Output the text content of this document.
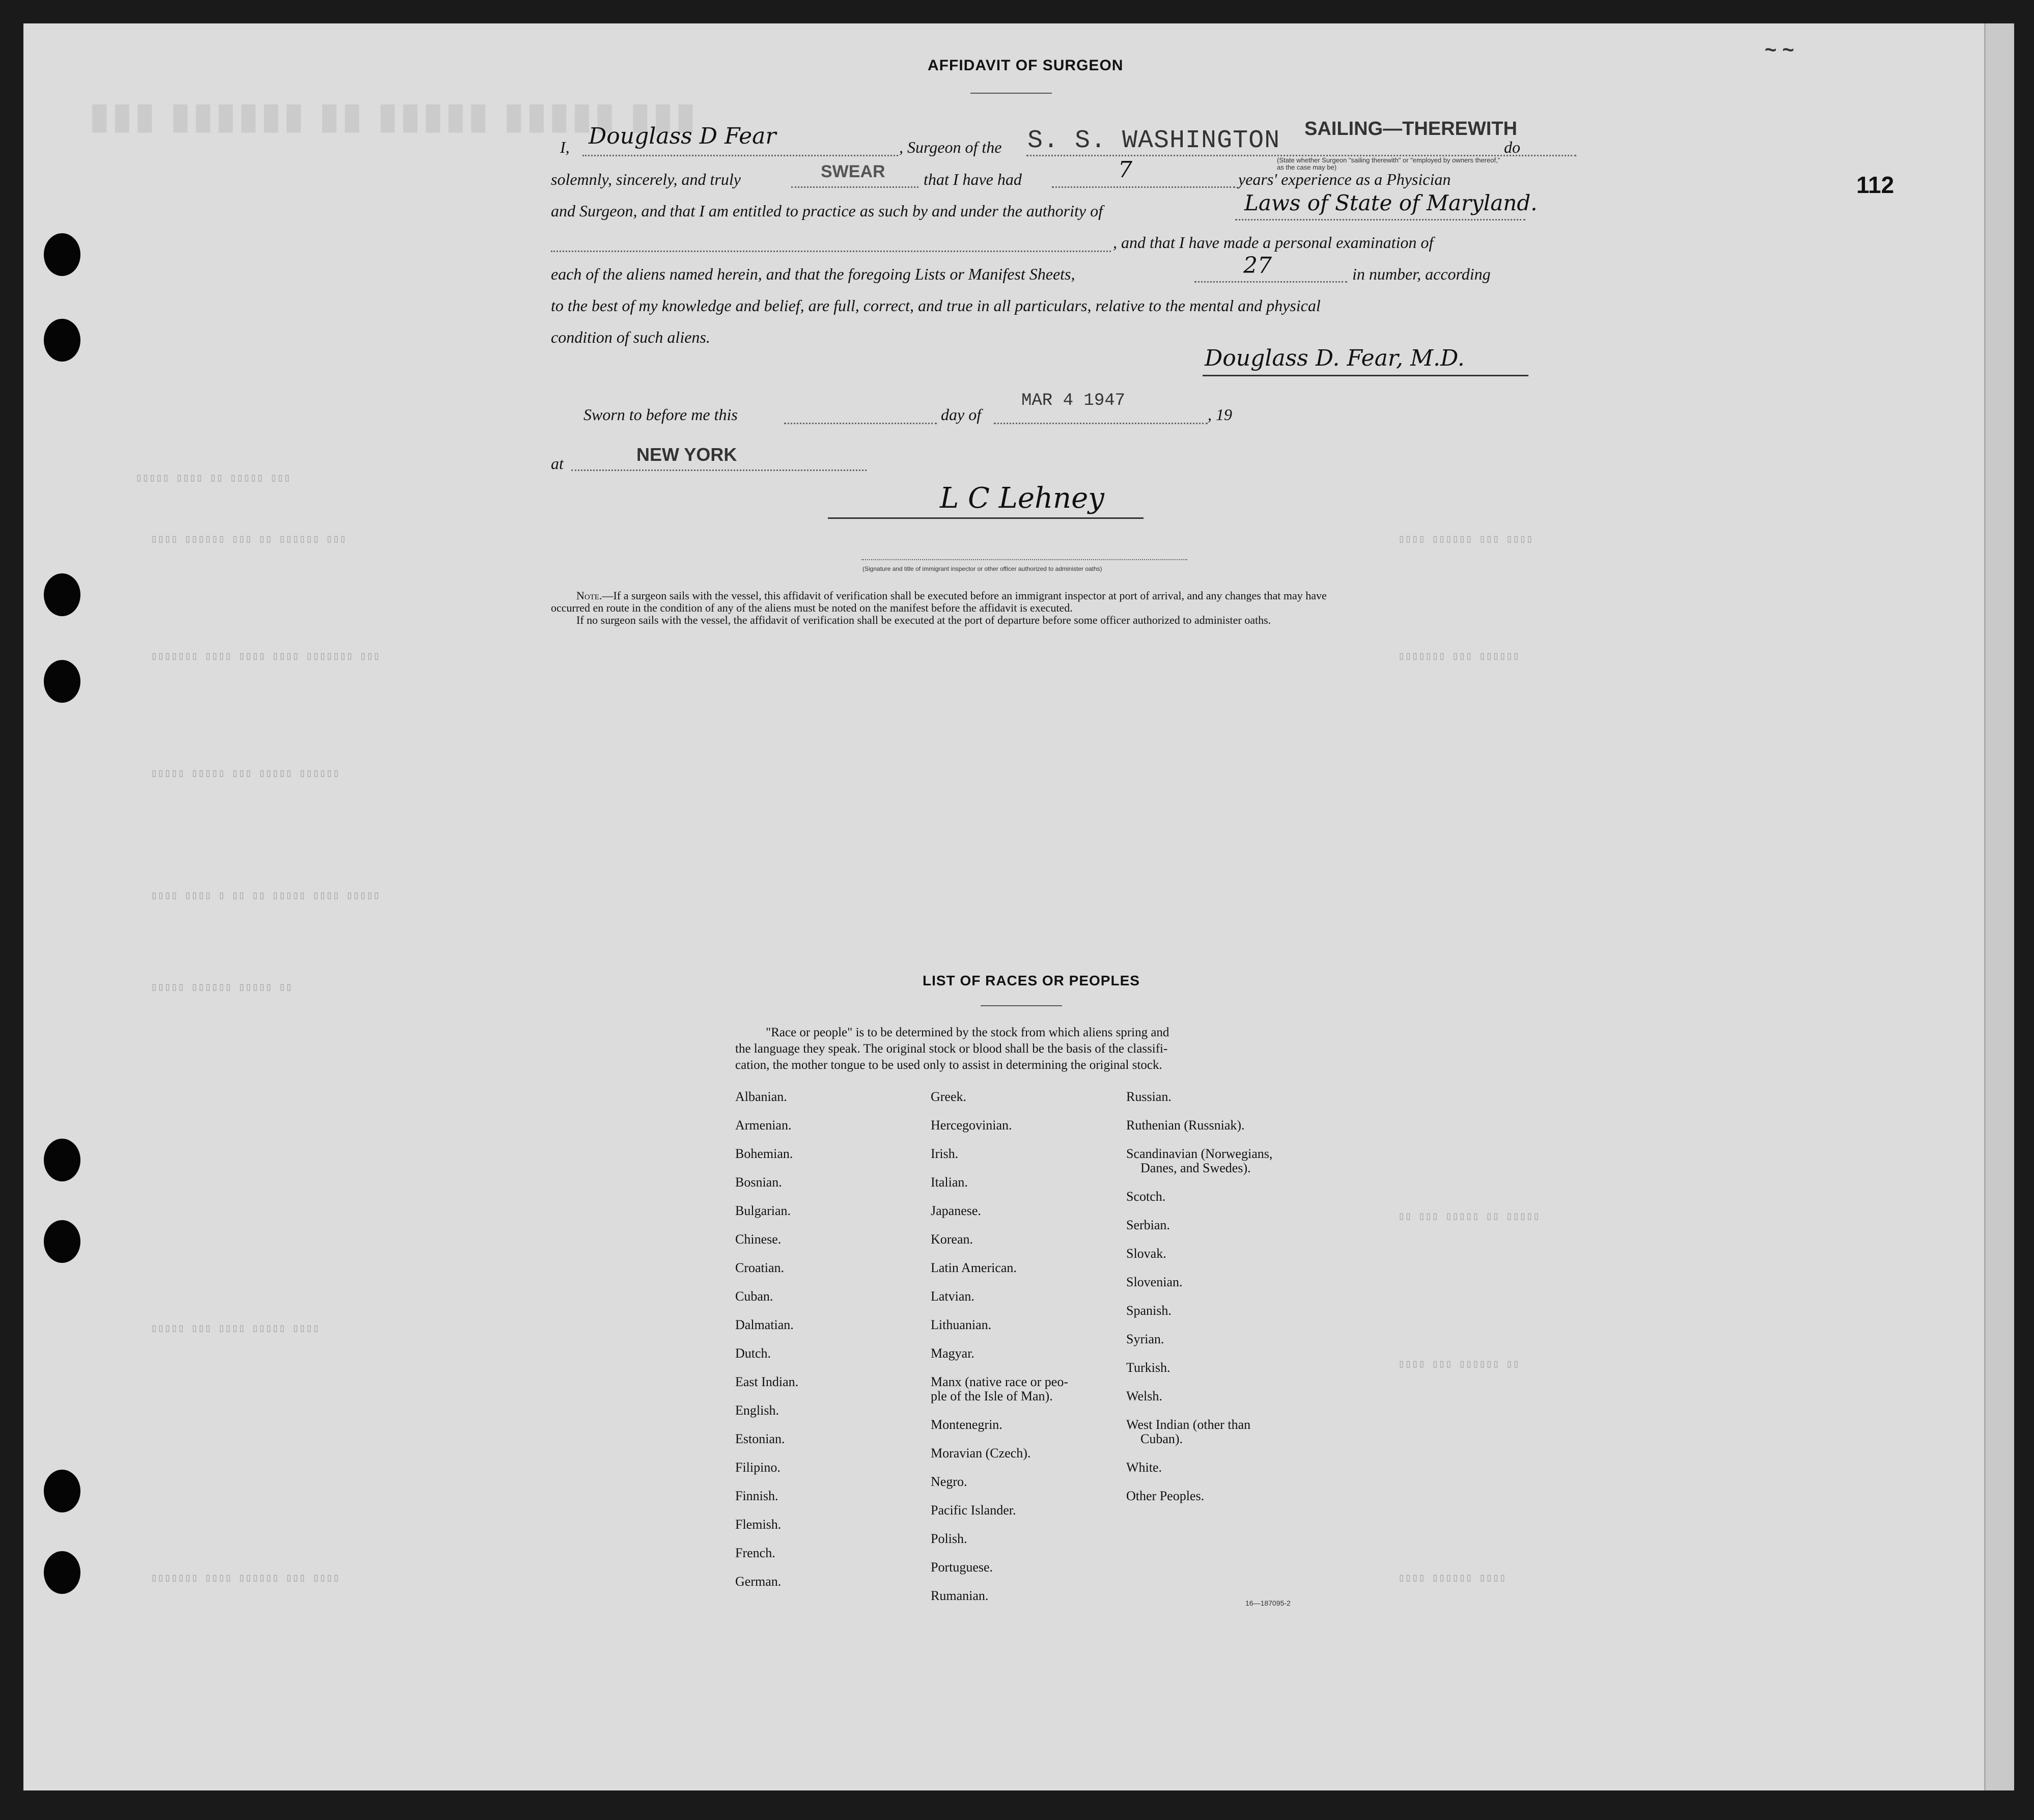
▮▮▮ ▮▮▮▮▮▮ ▮▮ ▮▮▮▮▮ ▮▮▮▮▮ ▮▮▮
▯▯▯▯▯ ▯▯▯▯ ▯▯ ▯▯▯▯▯ ▯▯▯
▯▯▯▯ ▯▯▯▯▯▯ ▯▯▯ ▯▯ ▯▯▯▯▯▯ ▯▯▯
▯▯▯▯▯▯▯ ▯▯▯▯ ▯▯▯▯ ▯▯▯▯ ▯▯▯▯▯▯▯ ▯▯▯
▯▯▯▯▯ ▯▯▯▯▯ ▯▯▯ ▯▯▯▯▯ ▯▯▯▯▯▯
▯▯▯▯ ▯▯▯▯ ▯ ▯▯ ▯▯ ▯▯▯▯▯ ▯▯▯▯ ▯▯▯▯▯
▯▯▯▯▯ ▯▯▯▯▯▯ ▯▯▯▯▯ ▯▯
▯▯▯▯ ▯▯▯▯▯▯ ▯▯▯ ▯▯▯▯
▯▯▯▯▯▯▯ ▯▯▯ ▯▯▯▯▯▯
▯▯ ▯▯▯ ▯▯▯▯▯ ▯▯ ▯▯▯▯▯
▯▯▯▯▯ ▯▯▯ ▯▯▯▯ ▯▯▯▯▯ ▯▯▯▯
▯▯▯▯ ▯▯▯ ▯▯▯▯▯▯ ▯▯
▯▯▯▯▯▯▯ ▯▯▯▯ ▯▯▯▯▯▯ ▯▯▯ ▯▯▯▯	▯▯▯▯ ▯▯▯▯▯▯ ▯▯▯▯
~ ~
112
AFFIDAVIT OF SURGEON
I, Douglass D Fear	, Surgeon of the S. S. WASHINGTON SAILING—THEREWITH
(State whether Surgeon "sailing therewith" or "employed by owners thereof," as the case may be)
do
solemnly, sincerely, and truly	SWEAR that I have had	7	years' experience as a Physician
and Surgeon, and that I am entitled to practice as such by and under the authority of	Laws of State of Maryland.
, and that I have made a personal examination of
each of the aliens named herein, and that the foregoing Lists or Manifest Sheets,	27	in number, according
to the best of my knowledge and belief, are full, correct, and true in all particulars, relative to the mental and physical
condition of such aliens.
Douglass D. Fear, M.D.
Sworn to before me this	day of
MAR 4 1947
, 19
at	NEW YORK
L C Lehney
(Signature and title of immigrant inspector or other officer authorized to administer oaths)
Note.—If a surgeon sails with the vessel, this affidavit of verification shall be executed before an immigrant inspector at port of arrival, and any changes that may have
occurred en route in the condition of any of the aliens must be noted on the manifest before the affidavit is executed.
If no surgeon sails with the vessel, the affidavit of verification shall be executed at the port of departure before some officer authorized to administer oaths.
LIST OF RACES OR PEOPLES
"Race or people" is to be determined by the stock from which aliens spring and
the language they speak. The original stock or blood shall be the basis of the classifi-
cation, the mother tongue to be used only to assist in determining the original stock.
Albanian.
Armenian.
Bohemian.
Bosnian.
Bulgarian.
Chinese.
Croatian.
Cuban.
Dalmatian.
Dutch.
East Indian.
English.
Estonian.
Filipino.
Finnish.
Flemish.
French.
German.
Greek.
Hercegovinian.
Irish.
Italian.
Japanese.
Korean.
Latin American.
Latvian.
Lithuanian.
Magyar.
Manx (native race or peo-
ple of the Isle of Man).
Montenegrin.
Moravian (Czech).
Negro.
Pacific Islander.
Polish.
Portuguese.
Rumanian.
Russian.
Ruthenian (Russniak).
Scandinavian (Norwegians,
Danes, and Swedes).
Scotch.
Serbian.
Slovak.
Slovenian.
Spanish.
Syrian.
Turkish.
Welsh.
West Indian (other than
Cuban).
White.
Other Peoples.
16—187095-2
